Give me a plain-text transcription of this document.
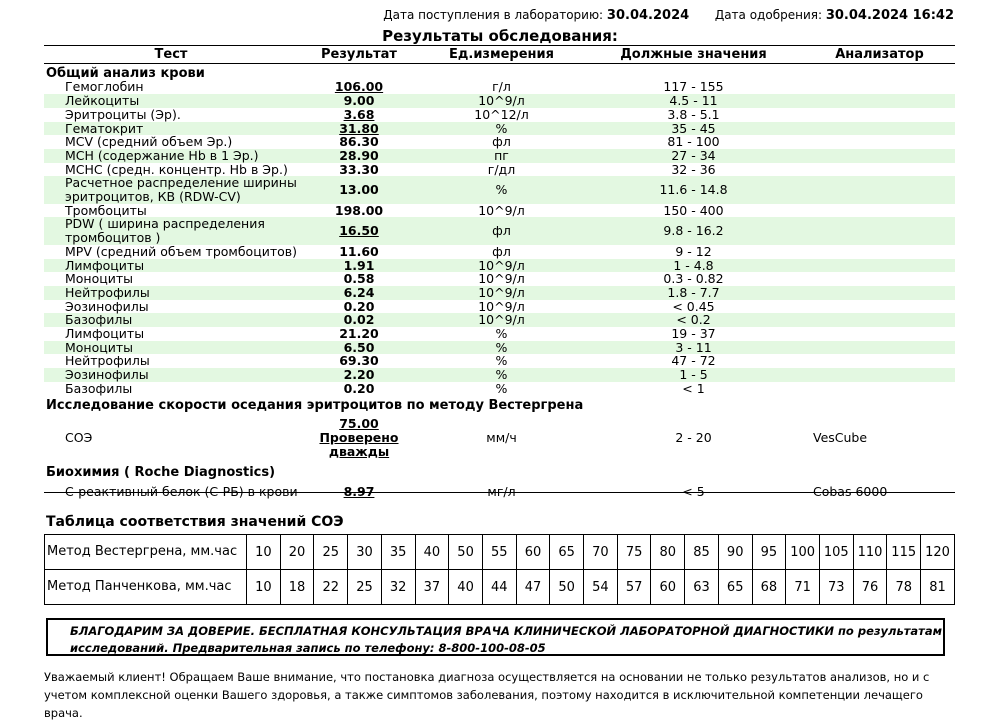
Дата поступления в лабораторию: 30.04.2024 Дата одобрения: 30.04.2024 16:42
Результаты обследования:
Тест	Результат	Ед.измерения	Должные значения	Анализатор
Общий анализ крови				
Гемоглобин	106.00	г/л	117 - 155	
Лейкоциты	9.00	10^9/л	4.5 - 11	
Эритроциты (Эр).	3.68	10^12/л	3.8 - 5.1	
Гематокрит	31.80	%	35 - 45	
MCV (средний объем Эр.)	86.30	фл	81 - 100	
MCH (содержание Hb в 1 Эр.)	28.90	пг	27 - 34	
MCHC (средн. концентр. Hb в Эр.)	33.30	г/дл	32 - 36	
Расчетное распределение ширины эритроцитов, КВ (RDW-CV)	13.00	%	11.6 - 14.8	
Тромбоциты	198.00	10^9/л	150 - 400	
PDW ( ширина распределения тромбоцитов )	16.50	фл	9.8 - 16.2	
MPV (средний объем тромбоцитов)	11.60	фл	9 - 12	
Лимфоциты	1.91	10^9/л	1 - 4.8	
Моноциты	0.58	10^9/л	0.3 - 0.82	
Нейтрофилы	6.24	10^9/л	1.8 - 7.7	
Эозинофилы	0.20	10^9/л	< 0.45	
Базофилы	0.02	10^9/л	< 0.2	
Лимфоциты	21.20	%	19 - 37	
Моноциты	6.50	%	3 - 11	
Нейтрофилы	69.30	%	47 - 72	
Эозинофилы	2.20	%	1 - 5	
Базофилы	0.20	%	< 1	
Исследование скорости оседания эритроцитов по методу Вестергрена				
СОЭ	75.00 Проверено дважды	мм/ч	2 - 20	VesCube
Биохимия ( Roche Diagnostics)				
С-реактивный белок (С-РБ) в крови	8.97	мг/л	< 5	Cobas 6000
Таблица соответствия значений СОЭ
Метод Вестергрена, мм.час	10	20	25	30	35	40	50	55	60	65	70	75	80	85	90	95	100	105	110	115	120
Метод Панченкова, мм.час	10	18	22	25	32	37	40	44	47	50	54	57	60	63	65	68	71	73	76	78	81
БЛАГОДАРИМ ЗА ДОВЕРИЕ. БЕСПЛАТНАЯ КОНСУЛЬТАЦИЯ ВРАЧА КЛИНИЧЕСКОЙ ЛАБОРАТОРНОЙ ДИАГНОСТИКИ по результатам исследований. Предварительная запись по телефону: 8-800-100-08-05
Уважаемый клиент! Обращаем Ваше внимание, что постановка диагноза осуществляется на основании не только результатов анализов, но и с учетом комплексной оценки Вашего здоровья, а также симптомов заболевания, поэтому находится в исключительной компетенции лечащего врача.
